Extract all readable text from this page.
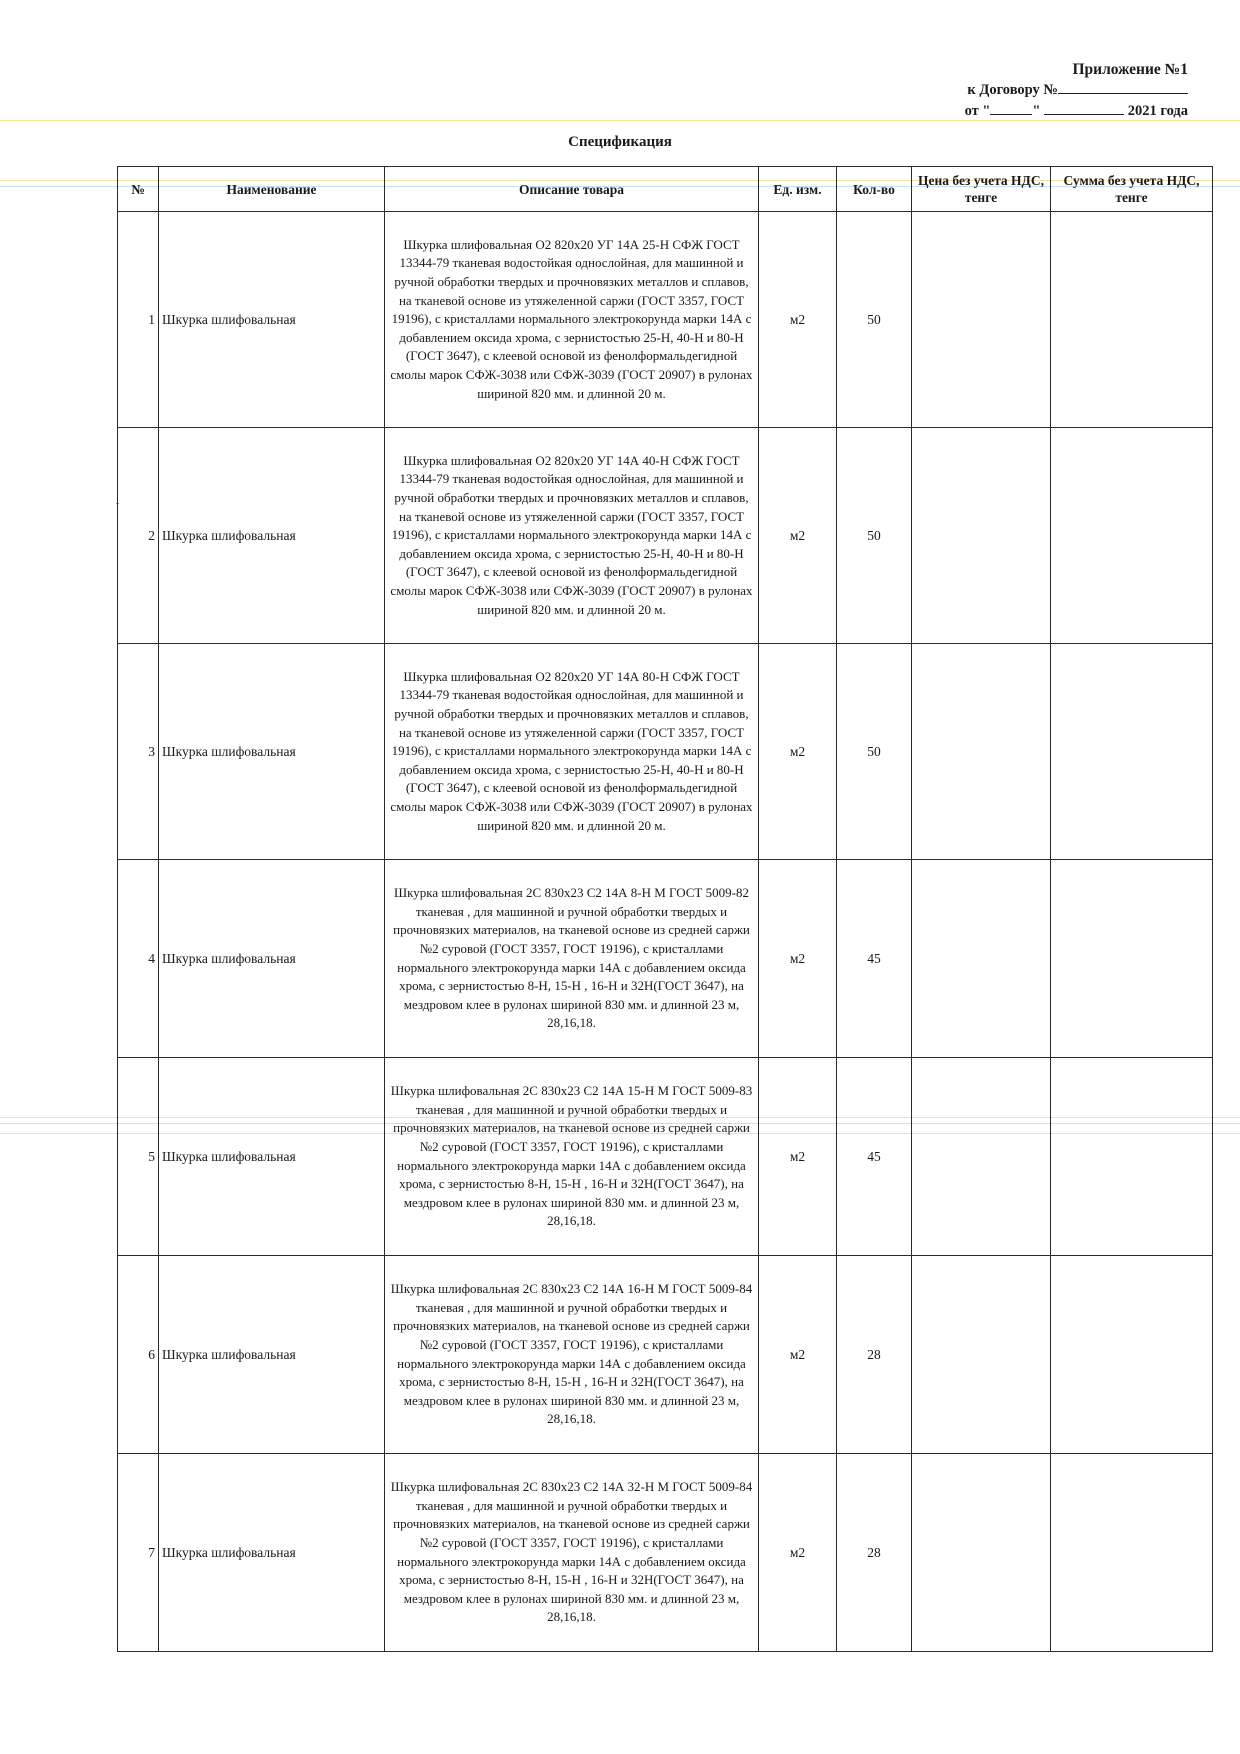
Приложение №1
к Договору №
от "	"	2021 года
Спецификация
№	Наименование	Описание товара	Ед. изм.	Кол-во	Цена без учета НДС, тенге	Сумма без учета НДС, тенге
1	Шкурка шлифовальная	Шкурка шлифовальная О2 820х20 УГ 14А 25-Н СФЖ ГОСТ 13344-79 тканевая водостойкая однослойная, для машинной и ручной обработки твердых и прочновязких металлов и сплавов, на тканевой основе из утяжеленной саржи (ГОСТ 3357, ГОСТ 19196), с кристаллами нормального электрокорунда марки 14А с добавлением оксида хрома, с зернистостью 25-Н, 40-Н и 80-Н (ГОСТ 3647), с клеевой основой из фенолформальдегидной смолы марок СФЖ-3038 или СФЖ-3039 (ГОСТ 20907) в рулонах шириной 820 мм. и длинной 20 м.	м2	50		
2	Шкурка шлифовальная	Шкурка шлифовальная О2 820х20 УГ 14А 40-Н СФЖ ГОСТ 13344-79 тканевая водостойкая однослойная, для машинной и ручной обработки твердых и прочновязких металлов и сплавов, на тканевой основе из утяжеленной саржи (ГОСТ 3357, ГОСТ 19196), с кристаллами нормального электрокорунда марки 14А с добавлением оксида хрома, с зернистостью 25-Н, 40-Н и 80-Н (ГОСТ 3647), с клеевой основой из фенолформальдегидной смолы марок СФЖ-3038 или СФЖ-3039 (ГОСТ 20907) в рулонах шириной 820 мм. и длинной 20 м.	м2	50		
3	Шкурка шлифовальная	Шкурка шлифовальная О2 820х20 УГ 14А 80-Н СФЖ ГОСТ 13344-79 тканевая водостойкая однослойная, для машинной и ручной обработки твердых и прочновязких металлов и сплавов, на тканевой основе из утяжеленной саржи (ГОСТ 3357, ГОСТ 19196), с кристаллами нормального электрокорунда марки 14А с добавлением оксида хрома, с зернистостью 25-Н, 40-Н и 80-Н (ГОСТ 3647), с клеевой основой из фенолформальдегидной смолы марок СФЖ-3038 или СФЖ-3039 (ГОСТ 20907) в рулонах шириной 820 мм. и длинной 20 м.	м2	50		
4	Шкурка шлифовальная	Шкурка шлифовальная 2С 830х23 С2 14А 8-Н М ГОСТ 5009-82 тканевая , для машинной и ручной обработки твердых и прочновязких материалов, на тканевой основе из средней саржи №2 суровой (ГОСТ 3357, ГОСТ 19196), с кристаллами нормального электрокорунда марки 14А с добавлением оксида хрома, с зернистостью 8-Н, 15-Н , 16-Н и 32Н(ГОСТ 3647), на мездровом клее в рулонах шириной 830 мм. и длинной 23 м, 28,16,18.	м2	45		
5	Шкурка шлифовальная	Шкурка шлифовальная 2С 830х23 С2 14А 15-Н М ГОСТ 5009-83 тканевая , для машинной и ручной обработки твердых и прочновязких материалов, на тканевой основе из средней саржи №2 суровой (ГОСТ 3357, ГОСТ 19196), с кристаллами нормального электрокорунда марки 14А с добавлением оксида хрома, с зернистостью 8-Н, 15-Н , 16-Н и 32Н(ГОСТ 3647), на мездровом клее в рулонах шириной 830 мм. и длинной 23 м, 28,16,18.	м2	45		
6	Шкурка шлифовальная	Шкурка шлифовальная 2С 830х23 С2 14А 16-Н М ГОСТ 5009-84 тканевая , для машинной и ручной обработки твердых и прочновязких материалов, на тканевой основе из средней саржи №2 суровой (ГОСТ 3357, ГОСТ 19196), с кристаллами нормального электрокорунда марки 14А с добавлением оксида хрома, с зернистостью 8-Н, 15-Н , 16-Н и 32Н(ГОСТ 3647), на мездровом клее в рулонах шириной 830 мм. и длинной 23 м, 28,16,18.	м2	28		
7	Шкурка шлифовальная	Шкурка шлифовальная 2С 830х23 С2 14А 32-Н М ГОСТ 5009-84 тканевая , для машинной и ручной обработки твердых и прочновязких материалов, на тканевой основе из средней саржи №2 суровой (ГОСТ 3357, ГОСТ 19196), с кристаллами нормального электрокорунда марки 14А с добавлением оксида хрома, с зернистостью 8-Н, 15-Н , 16-Н и 32Н(ГОСТ 3647), на мездровом клее в рулонах шириной 830 мм. и длинной 23 м, 28,16,18.	м2	28		
